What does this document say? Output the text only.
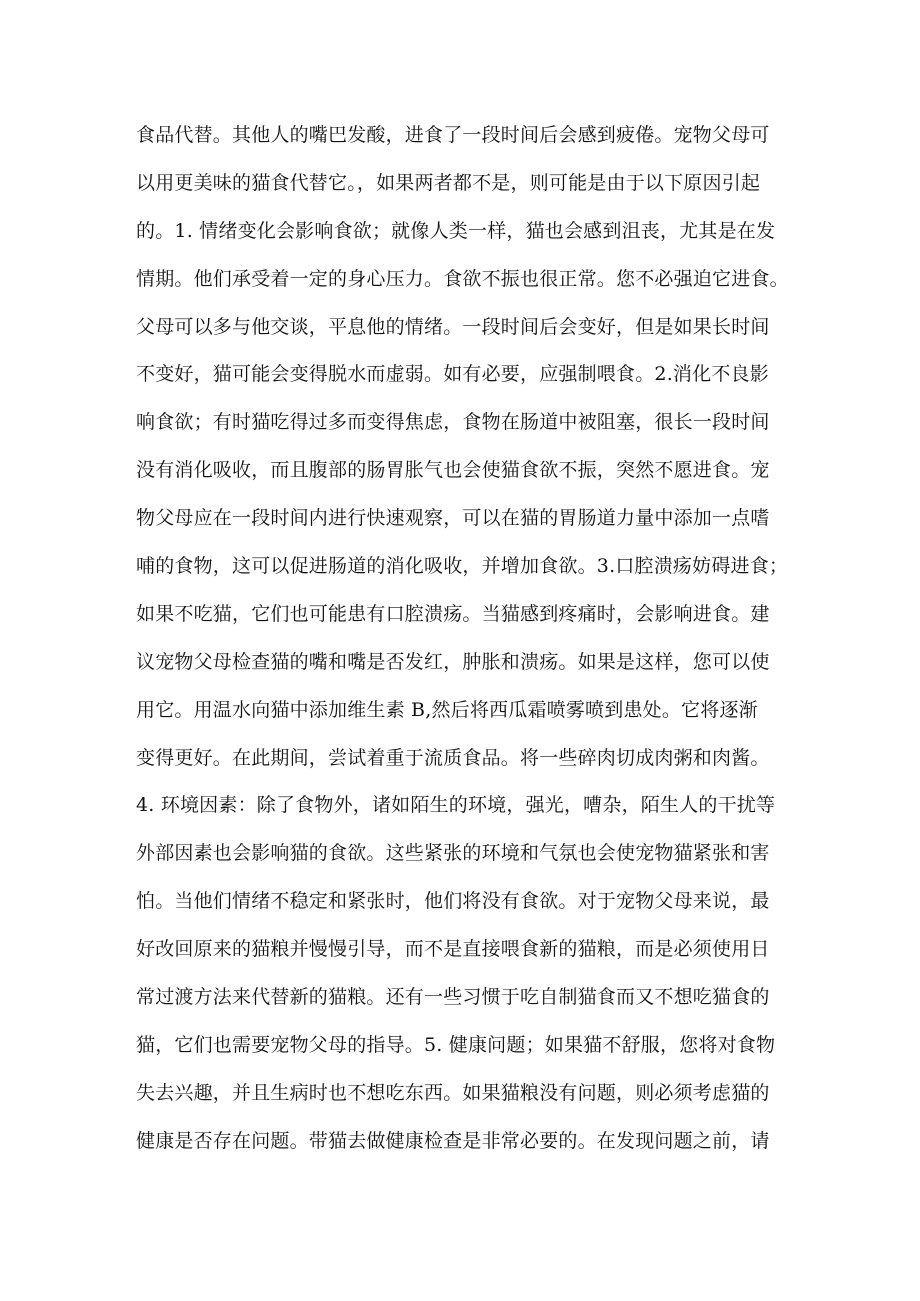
食品代替。其他人的嘴巴发酸，进食了一段时间后会感到疲倦。宠物父母可
以用更美味的猫食代替它。，如果两者都不是，则可能是由于以下原因引起
的。1. 情绪变化会影响食欲；就像人类一样，猫也会感到沮丧，尤其是在发
情期。他们承受着一定的身心压力。食欲不振也很正常。您不必强迫它进食。
父母可以多与他交谈，平息他的情绪。一段时间后会变好，但是如果长时间
不变好，猫可能会变得脱水而虚弱。如有必要，应强制喂食。2.消化不良影
响食欲；有时猫吃得过多而变得焦虑，食物在肠道中被阻塞，很长一段时间
没有消化吸收，而且腹部的肠胃胀气也会使猫食欲不振，突然不愿进食。宠
物父母应在一段时间内进行快速观察，可以在猫的胃肠道力量中添加一点嗜
哺的食物，这可以促进肠道的消化吸收，并增加食欲。3.口腔溃疡妨碍进食；
如果不吃猫，它们也可能患有口腔溃疡。当猫感到疼痛时，会影响进食。建
议宠物父母检查猫的嘴和嘴是否发红，肿胀和溃疡。如果是这样，您可以使
用它。用温水向猫中添加维生素 B,然后将西瓜霜喷雾喷到患处。它将逐渐
变得更好。在此期间，尝试着重于流质食品。将一些碎肉切成肉粥和肉酱。
4. 环境因素：除了食物外，诸如陌生的环境，强光，嘈杂，陌生人的干扰等
外部因素也会影响猫的食欲。这些紧张的环境和气氛也会使宠物猫紧张和害
怕。当他们情绪不稳定和紧张时，他们将没有食欲。对于宠物父母来说，最
好改回原来的猫粮并慢慢引导，而不是直接喂食新的猫粮，而是必须使用日
常过渡方法来代替新的猫粮。还有一些习惯于吃自制猫食而又不想吃猫食的
猫，它们也需要宠物父母的指导。5. 健康问题；如果猫不舒服，您将对食物
失去兴趣，并且生病时也不想吃东西。如果猫粮没有问题，则必须考虑猫的
健康是否存在问题。带猫去做健康检查是非常必要的。在发现问题之前，请
